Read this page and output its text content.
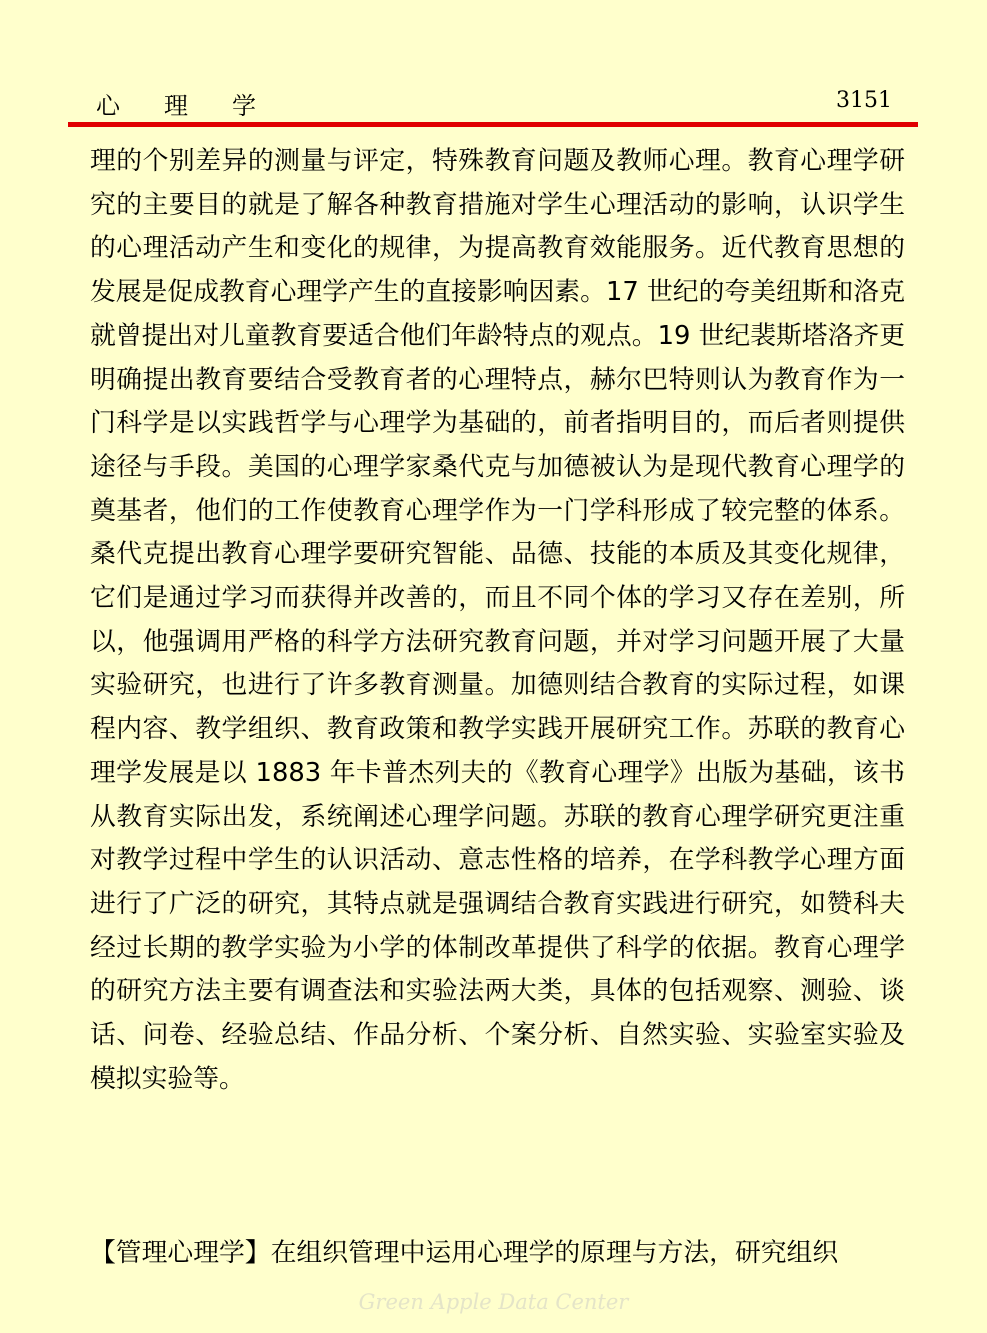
心理学	3151

理的个别差异的测量与评定，特殊教育问题及教师心理。教育心理学研究的主要目的就是了解各种教育措施对学生心理活动的影响，认识学生的心理活动产生和变化的规律，为提高教育效能服务。近代教育思想的发展是促成教育心理学产生的直接影响因素。17 世纪的夸美纽斯和洛克就曾提出对儿童教育要适合他们年龄特点的观点。19 世纪裴斯塔洛齐更明确提出教育要结合受教育者的心理特点，赫尔巴特则认为教育作为一门科学是以实践哲学与心理学为基础的，前者指明目的，而后者则提供途径与手段。美国的心理学家桑代克与加德被认为是现代教育心理学的奠基者，他们的工作使教育心理学作为一门学科形成了较完整的体系。桑代克提出教育心理学要研究智能、品德、技能的本质及其变化规律，它们是通过学习而获得并改善的，而且不同个体的学习又存在差别，所以，他强调用严格的科学方法研究教育问题，并对学习问题开展了大量实验研究，也进行了许多教育测量。加德则结合教育的实际过程，如课程内容、教学组织、教育政策和教学实践开展研究工作。苏联的教育心理学发展是以 1883 年卡普杰列夫的《教育心理学》出版为基础，该书从教育实际出发，系统阐述心理学问题。苏联的教育心理学研究更注重对教学过程中学生的认识活动、意志性格的培养，在学科教学心理方面进行了广泛的研究，其特点就是强调结合教育实践进行研究，如赞科夫经过长期的教学实验为小学的体制改革提供了科学的依据。教育心理学的研究方法主要有调查法和实验法两大类，具体的包括观察、测验、谈话、问卷、经验总结、作品分析、个案分析、自然实验、实验室实验及模拟实验等。

【管理心理学】在组织管理中运用心理学的原理与方法，研究组织
Green Apple Data Center
